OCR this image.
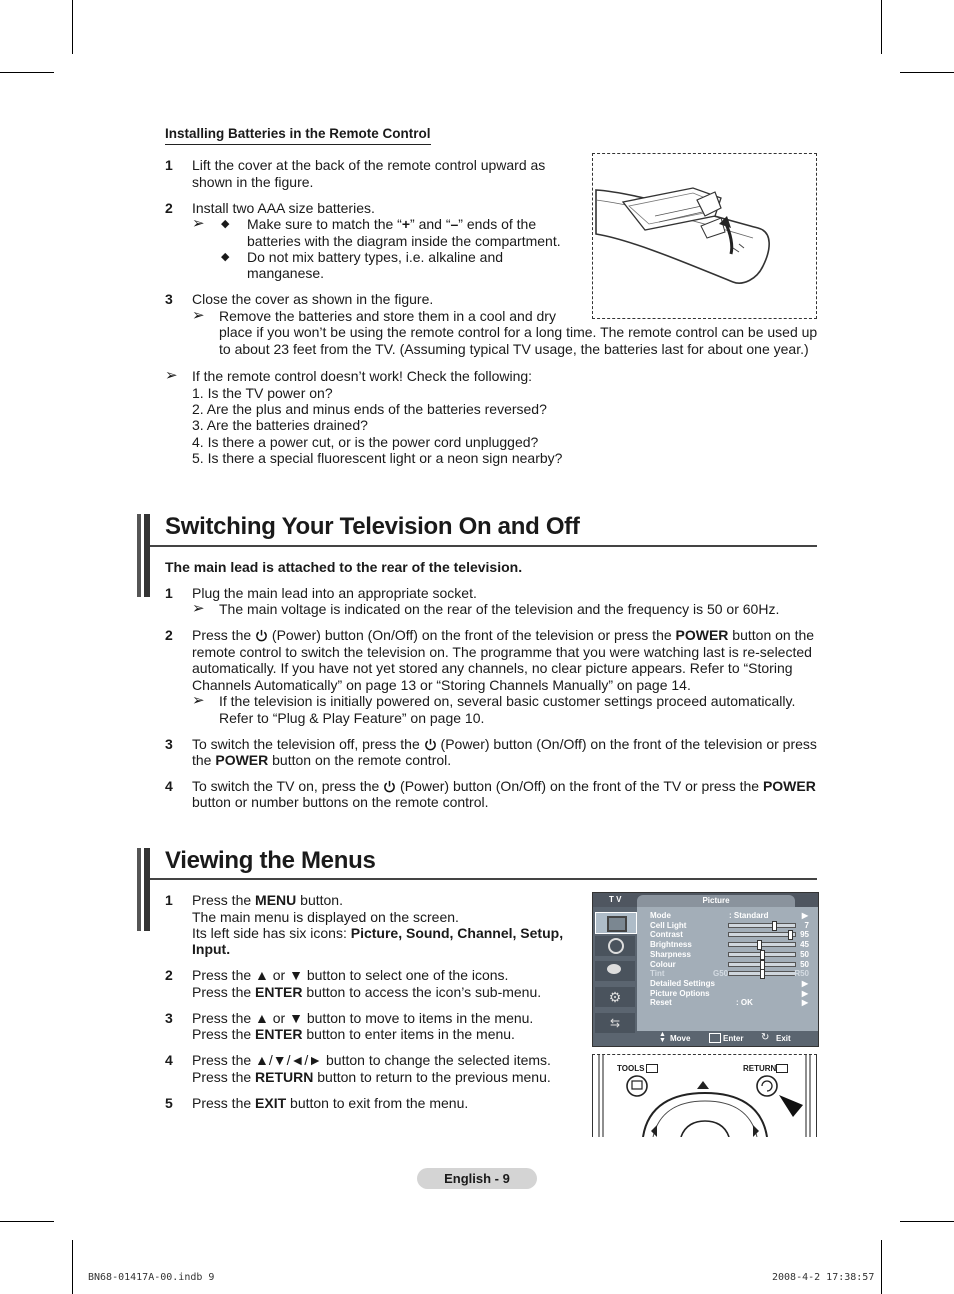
Installing Batteries in the Remote Control
1 Lift the cover at the back of the remote control upward as
shown in the figure.
2 Install two AAA size batteries.
➢ ◆ Make sure to match the “+” and “–” ends of the
batteries with the diagram inside the compartment.
◆ Do not mix battery types, i.e. alkaline and
manganese.
3 Close the cover as shown in the figure.
➢ Remove the batteries and store them in a cool and dry
place if you won’t be using the remote control for a long time. The remote control can be used up
to about 23 feet from the TV. (Assuming typical TV usage, the batteries last for about one year.)
➢ If the remote control doesn’t work! Check the following:
1. Is the TV power on?
2. Are the plus and minus ends of the batteries reversed?
3. Are the batteries drained?
4. Is there a power cut, or is the power cord unplugged?
5. Is there a special fluorescent light or a neon sign nearby?
Switching Your Television On and Off
The main lead is attached to the rear of the television.
1 Plug the main lead into an appropriate socket.
➢ The main voltage is indicated on the rear of the television and the frequency is 50 or 60Hz.
2 Press the  (Power) button (On/Off) on the front of the television or press the POWER button on the
remote control to switch the television on. The programme that you were watching last is re-selected
automatically. If you have not yet stored any channels, no clear picture appears. Refer to “Storing
Channels Automatically” on page 13 or “Storing Channels Manually” on page 14.
➢ If the television is initially powered on, several basic customer settings proceed automatically.
Refer to “Plug & Play Feature” on page 10.
3 To switch the television off, press the  (Power) button (On/Off) on the front of the television or press
the POWER button on the remote control.
4 To switch the TV on, press the  (Power) button (On/Off) on the front of the TV or press the POWER
button or number buttons on the remote control.
Viewing the Menus
1 Press the MENU button.
The main menu is displayed on the screen.
Its left side has six icons: Picture, Sound, Channel, Setup,
Input.
2 Press the ▲ or ▼ button to select one of the icons.
Press the ENTER button to access the icon’s sub-menu.
3 Press the ▲ or ▼ button to move to items in the menu.
Press the ENTER button to enter items in the menu.
4 Press the ▲/▼/◄/► button to change the selected items.
Press the RETURN button to return to the previous menu.
5 Press the EXIT button to exit from the menu.
T V	Picture
⚙
⇆
▲
▼ Move	Enter ↻ Exit
Mode	: Standard	▶
Cell Light	7
Contrast	95
Brightness	45
Sharpness	50
Colour	50
Tint	G50	R50
Detailed Settings	▶
Picture Options	▶
Reset	: OK	▶
TOOLS	RETURN
English - 9
BN68-01417A-00.indb 9	2008-4-2 17:38:57
